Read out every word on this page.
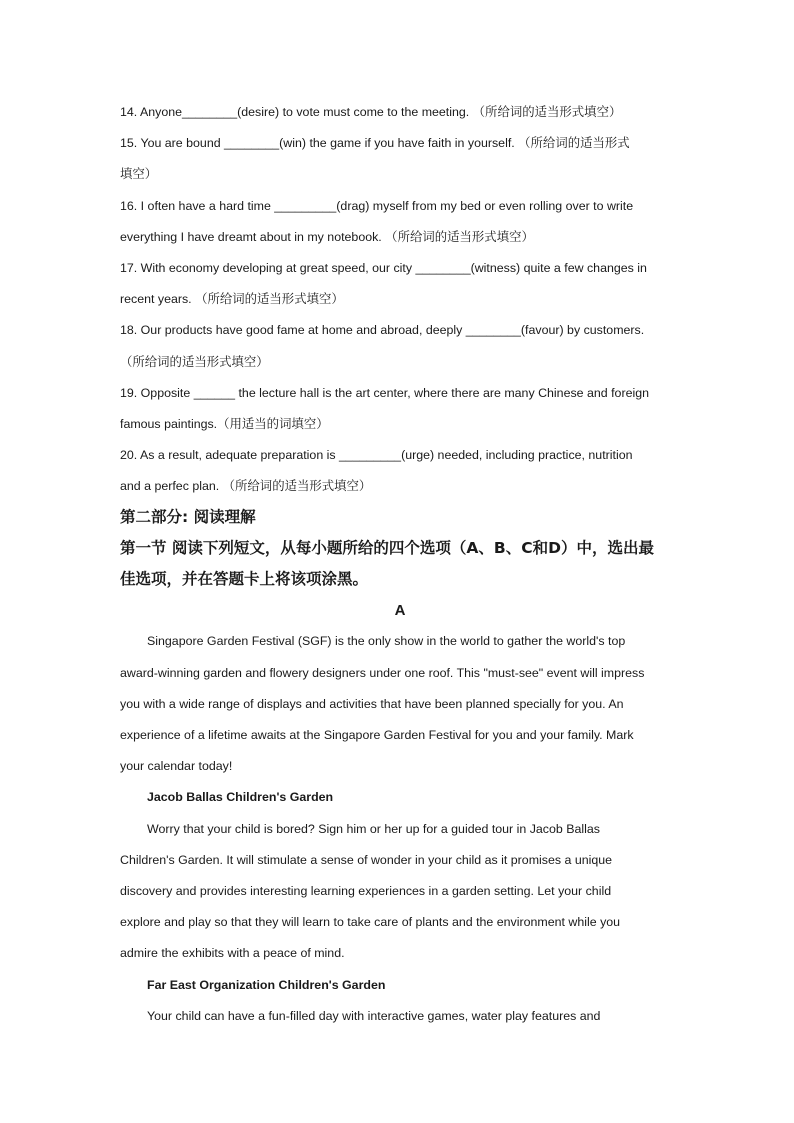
14. Anyone________(desire) to vote must come to the meeting. （所给词的适当形式填空）
15. You are bound ________(win) the game if you have faith in yourself. （所给词的适当形式
填空）
16. I often have a hard time _________(drag) myself from my bed or even rolling over to write
everything I have dreamt about in my notebook. （所给词的适当形式填空）
17. With economy developing at great speed, our city ________(witness) quite a few changes in
recent years. （所给词的适当形式填空）
18. Our products have good fame at home and abroad, deeply ________(favour) by customers.
（所给词的适当形式填空）
19. Opposite ______ the lecture hall is the art center, where there are many Chinese and foreign
famous paintings.（用适当的词填空）
20. As a result, adequate preparation is _________(urge) needed, including practice, nutrition
and a perfec plan. （所给词的适当形式填空）
第二部分: 阅读理解
第一节 阅读下列短文，从每小题所给的四个选项（A、B、C和D）中，选出最
佳选项，并在答题卡上将该项涂黑。
A
Singapore Garden Festival (SGF) is the only show in the world to gather the world's top
award-winning garden and flowery designers under one roof. This "must-see" event will impress
you with a wide range of displays and activities that have been planned specially for you. An
experience of a lifetime awaits at the Singapore Garden Festival for you and your family. Mark
your calendar today!
Jacob Ballas Children's Garden
Worry that your child is bored? Sign him or her up for a guided tour in Jacob Ballas
Children's Garden. It will stimulate a sense of wonder in your child as it promises a unique
discovery and provides interesting learning experiences in a garden setting. Let your child
explore and play so that they will learn to take care of plants and the environment while you
admire the exhibits with a peace of mind.
Far East Organization Children's Garden
Your child can have a fun-filled day with interactive games, water play features and
